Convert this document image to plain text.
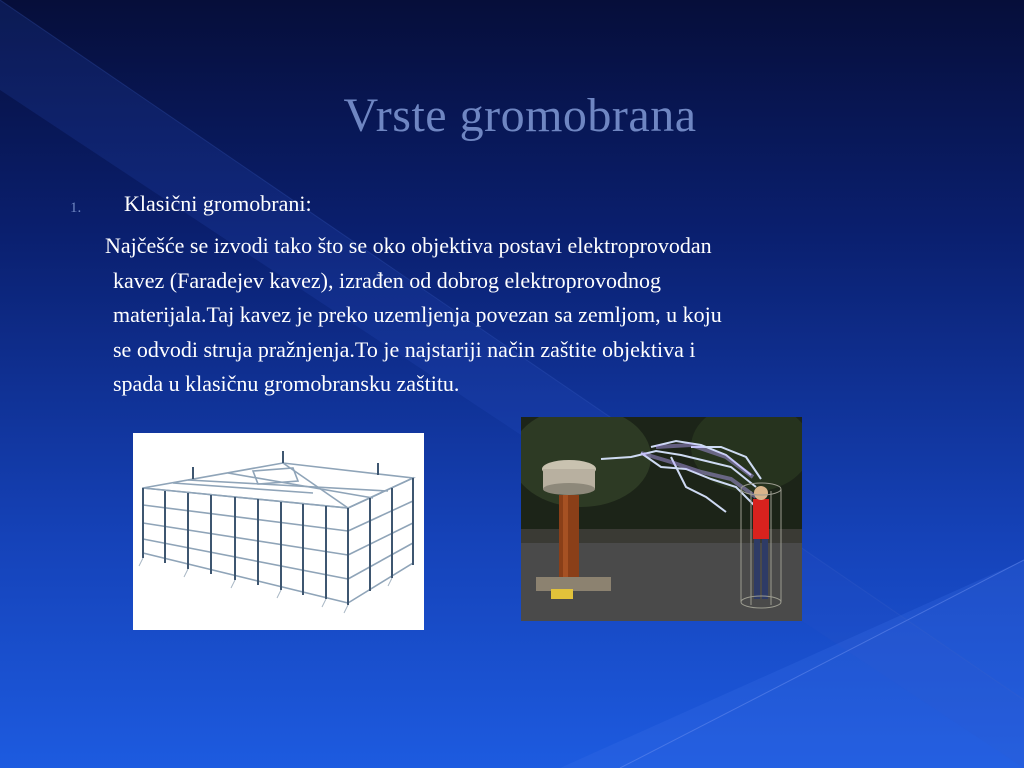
Vrste gromobrana
1. Klasični gromobrani:
Najčešće se izvodi tako što se oko objektiva postavi elektroprovodan
kavez (Faradejev kavez), izrađen od dobrog elektroprovodnog
materijala.Taj kavez je preko uzemljenja povezan sa zemljom, u koju
se odvodi struja pražnjenja.To je najstariji način zaštite objektiva i
spada u klasičnu gromobransku zaštitu.
